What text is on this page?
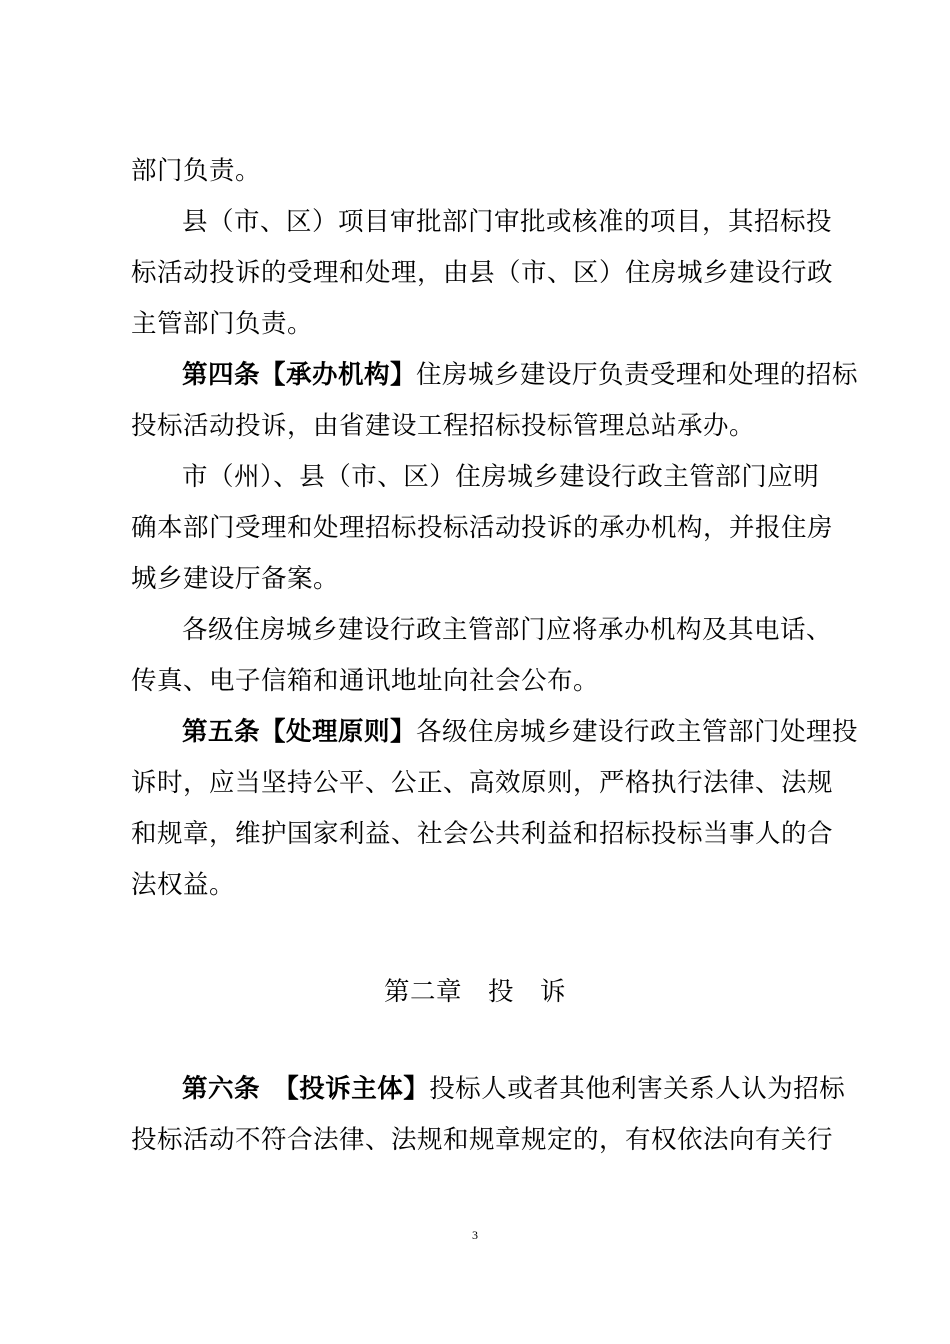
部门负责。
县（市、区）项目审批部门审批或核准的项目，其招标投
标活动投诉的受理和处理，由县（市、区）住房城乡建设行政
主管部门负责。
第四条【承办机构】住房城乡建设厅负责受理和处理的招标
投标活动投诉，由省建设工程招标投标管理总站承办。
市（州）、县（市、区）住房城乡建设行政主管部门应明
确本部门受理和处理招标投标活动投诉的承办机构，并报住房
城乡建设厅备案。
各级住房城乡建设行政主管部门应将承办机构及其电话、
传真、电子信箱和通讯地址向社会公布。
第五条【处理原则】各级住房城乡建设行政主管部门处理投
诉时，应当坚持公平、公正、高效原则，严格执行法律、法规
和规章，维护国家利益、社会公共利益和招标投标当事人的合
法权益。
第二章　投　诉
第六条　【投诉主体】投标人或者其他利害关系人认为招标
投标活动不符合法律、法规和规章规定的，有权依法向有关行
3
